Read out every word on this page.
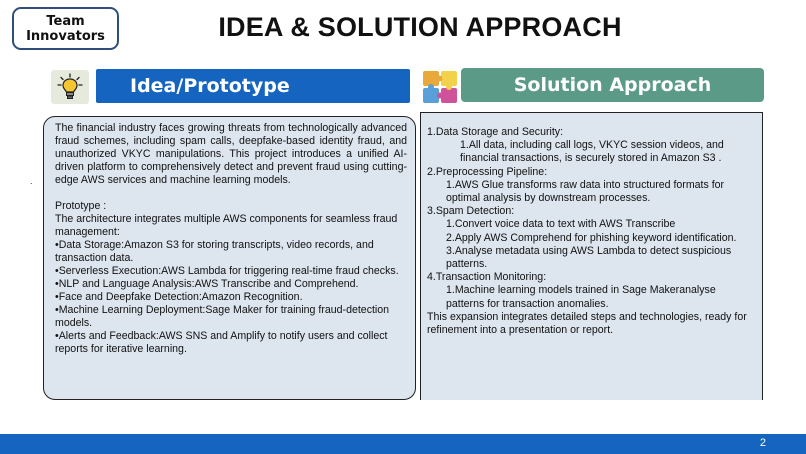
Team
Innovators	IDEA & SOLUTION APPROACH
Idea/Prototype	Solution Approach
.

The financial industry faces growing threats from technologically advanced fraud schemes, including spam calls, deepfake-based identity fraud, and unauthorized VKYC manipulations. This project introduces a unified AI-driven platform to comprehensively detect and prevent fraud using cutting-edge AWS services and machine learning models.

Prototype :

The architecture integrates multiple AWS components for seamless fraud management:

•Data Storage:Amazon S3 for storing transcripts, video records, and transaction data.

•Serverless Execution:AWS Lambda for triggering real-time fraud checks.

•NLP and Language Analysis:AWS Transcribe and Comprehend.

•Face and Deepfake Detection:Amazon Recognition.

•Machine Learning Deployment:Sage Maker for training fraud-detection models.

•Alerts and Feedback:AWS SNS and Amplify to notify users and collect reports for iterative learning.

1.Data Storage and Security:

1.All data, including call logs, VKYC session videos, and financial transactions, is securely stored in Amazon S3 .

2.Preprocessing Pipeline:

1.AWS Glue transforms raw data into structured formats for optimal analysis by downstream processes.

3.Spam Detection:

1.Convert voice data to text with AWS Transcribe

2.Apply AWS Comprehend for phishing keyword identification.

3.Analyse metadata using AWS Lambda to detect suspicious patterns.

4.Transaction Monitoring:

1.Machine learning models trained in Sage Makeranalyse patterns for transaction anomalies.

This expansion integrates detailed steps and technologies, ready for refinement into a presentation or report.

2
